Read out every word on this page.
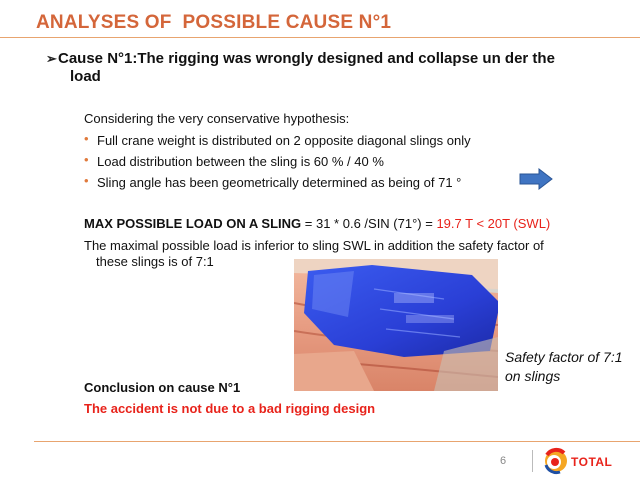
ANALYSES OF  POSSIBLE CAUSE N°1
➢ Cause N°1:The rigging was wrongly designed and collapse un der the
load
Considering the very conservative hypothesis:
• Full crane weight is distributed on 2 opposite diagonal slings only
• Load distribution between the sling is 60 % / 40 %
• Sling angle has been geometrically determined as being of 71 °
MAX POSSIBLE LOAD ON A SLING = 31 * 0.6 /SIN (71°) = 19.7 T < 20T (SWL)
The maximal possible load is inferior to sling SWL in addition the safety factor of
these slings is of 7:1
Safety factor of 7:1
on slings
Conclusion on cause N°1
The accident is not due to a bad rigging design
6	TOTAL
